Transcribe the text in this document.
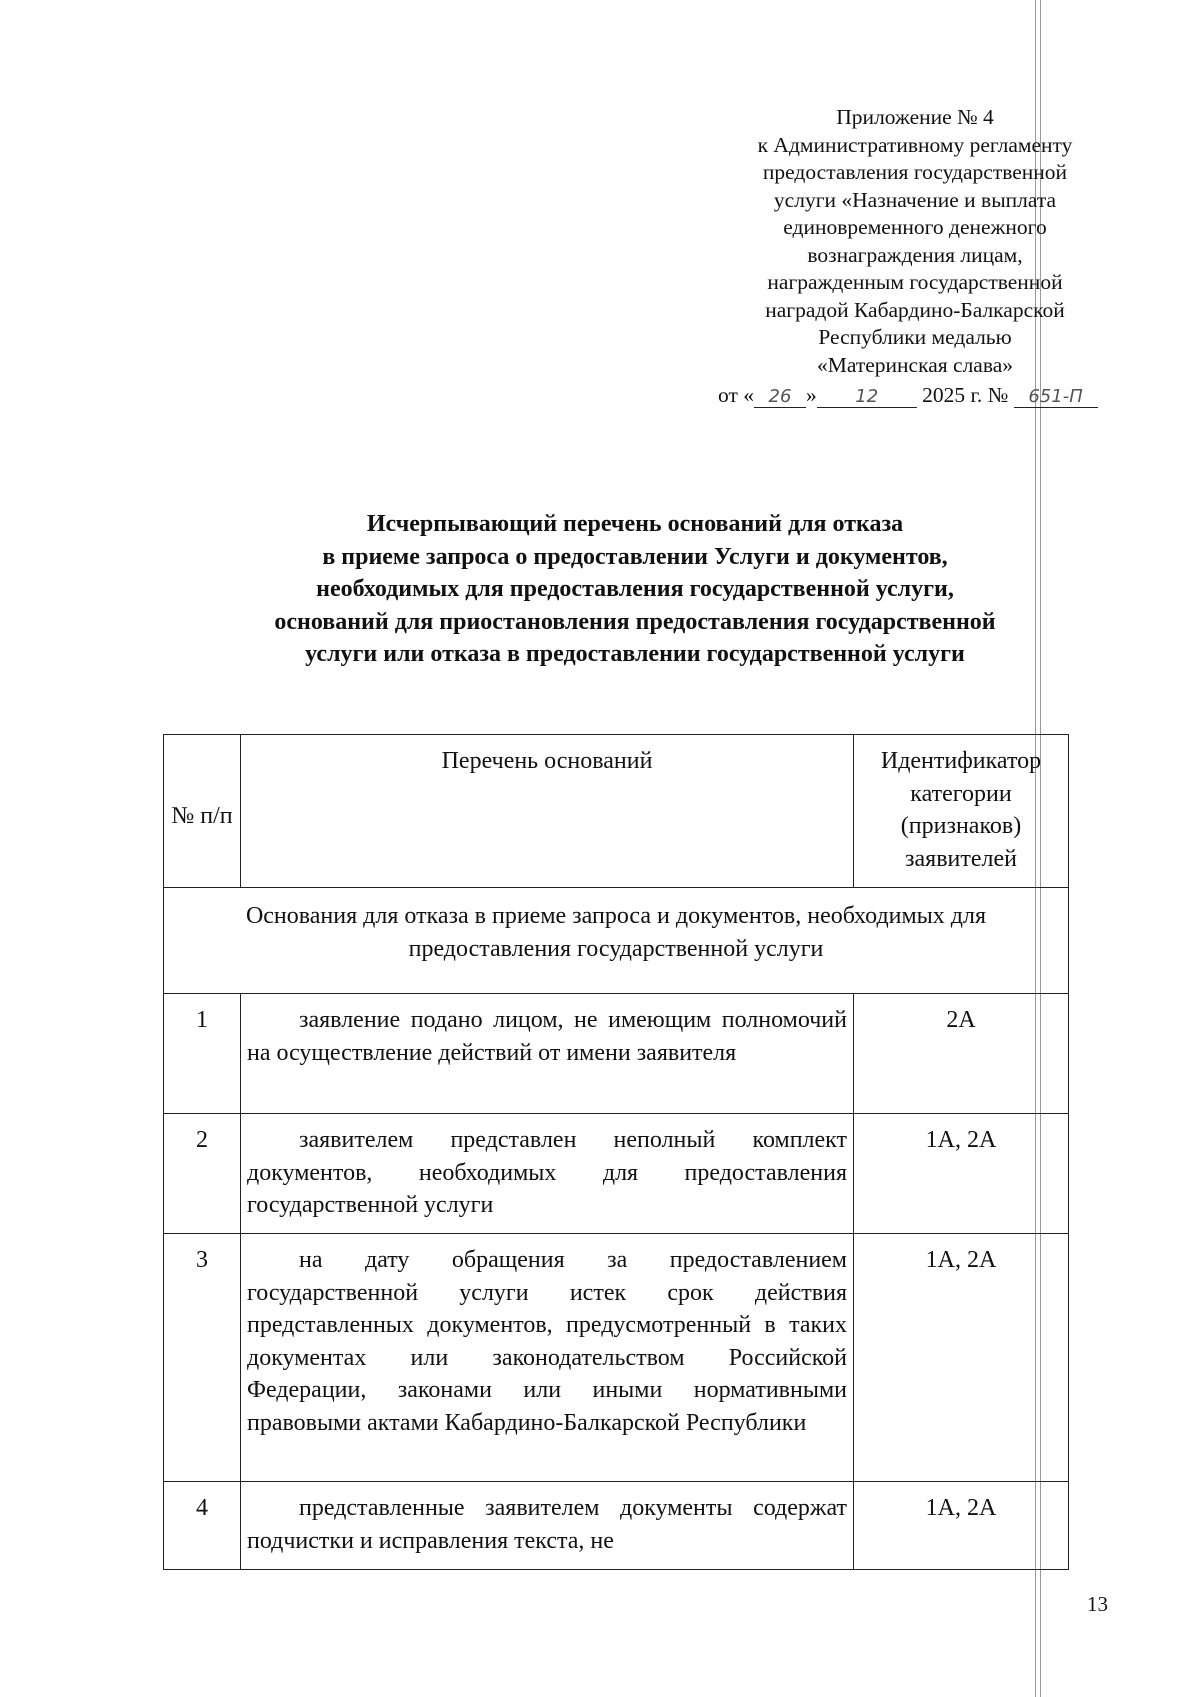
Приложение № 4
к Административному регламенту
предоставления государственной
услуги «Назначение и выплата
единовременного денежного
вознаграждения лицам,
награжденным государственной
наградой Кабардино-Балкарской
Республики медалью
«Материнская слава»
от « 26 » 12 2025 г. № 651-П
Исчерпывающий перечень оснований для отказа
в приеме запроса о предоставлении Услуги и документов,
необходимых для предоставления государственной услуги,
оснований для приостановления предоставления государственной
услуги или отказа в предоставлении государственной услуги
№ п/п	Перечень оснований	Идентификатор категории (признаков) заявителей
Основания для отказа в приеме запроса и документов, необходимых для предоставления государственной услуги		
1	заявление подано лицом, не имеющим полномочий на осуществление действий от имени заявителя	2А
2	заявителем представлен неполный комплект документов, необходимых для предоставления государственной услуги	1А, 2А
3	на дату обращения за предоставлением государственной услуги истек срок действия представленных документов, предусмотренный в таких документах или законодательством Российской Федерации, законами или иными нормативными правовыми актами Кабардино-Балкарской Республики	1А, 2А
4	представленные заявителем документы содержат подчистки и исправления текста, не	1А, 2А
13
